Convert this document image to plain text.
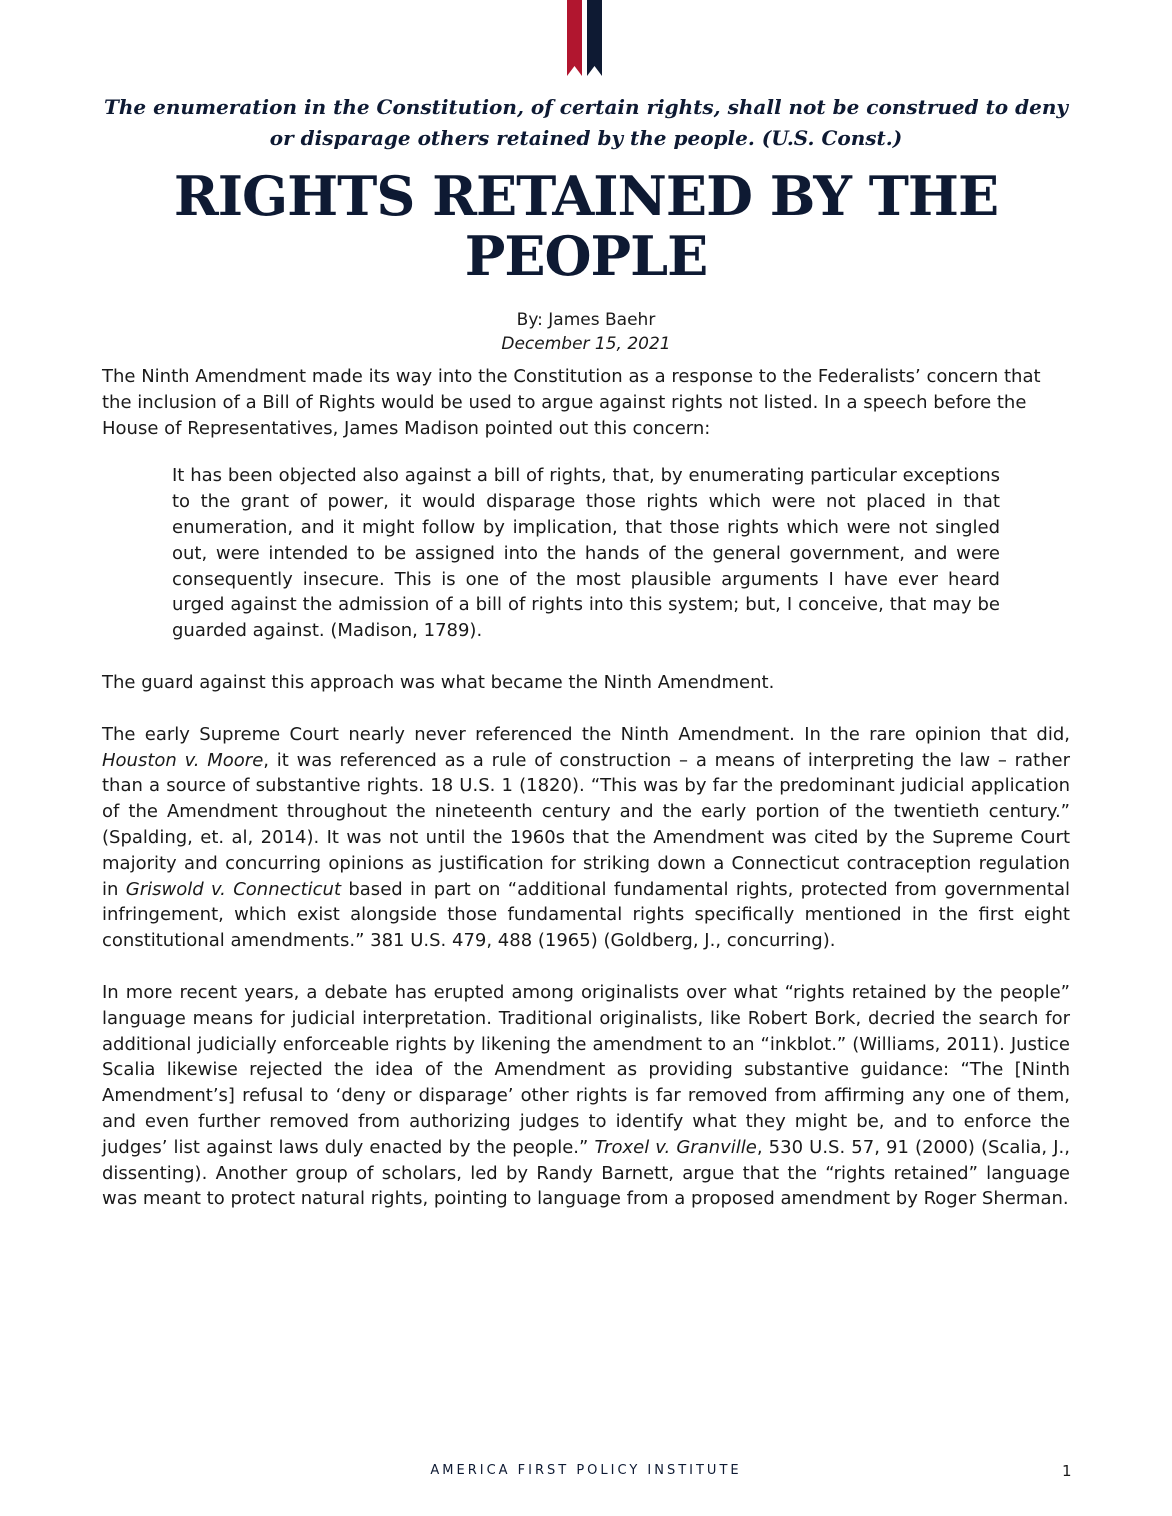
The enumeration in the Constitution, of certain rights, shall not be construed to deny or disparage others retained by the people. (U.S. Const.)
RIGHTS RETAINED BY THE PEOPLE
By: James Baehr
December 15, 2021

The Ninth Amendment made its way into the Constitution as a response to the Federalists’ concern that the inclusion of a Bill of Rights would be used to argue against rights not listed. In a speech before the House of Representatives, James Madison pointed out this concern:

It has been objected also against a bill of rights, that, by enumerating particular exceptions to the grant of power, it would disparage those rights which were not placed in that enumeration, and it might follow by implication, that those rights which were not singled out, were intended to be assigned into the hands of the general government, and were consequently insecure. This is one of the most plausible arguments I have ever heard urged against the admission of a bill of rights into this system; but, I conceive, that may be guarded against. (Madison, 1789).

The guard against this approach was what became the Ninth Amendment.

The early Supreme Court nearly never referenced the Ninth Amendment. In the rare opinion that did, Houston v. Moore, it was referenced as a rule of construction – a means of interpreting the law – rather than a source of substantive rights. 18 U.S. 1 (1820). “This was by far the predominant judicial application of the Amendment throughout the nineteenth century and the early portion of the twentieth century.” (Spalding, et. al, 2014). It was not until the 1960s that the Amendment was cited by the Supreme Court majority and concurring opinions as justification for striking down a Connecticut contraception regulation in Griswold v. Connecticut based in part on “additional fundamental rights, protected from governmental infringement, which exist alongside those fundamental rights specifically mentioned in the first eight constitutional amendments.” 381 U.S. 479, 488 (1965) (Goldberg, J., concurring).

In more recent years, a debate has erupted among originalists over what “rights retained by the people” language means for judicial interpretation. Traditional originalists, like Robert Bork, decried the search for additional judicially enforceable rights by likening the amendment to an “inkblot.” (Williams, 2011). Justice Scalia likewise rejected the idea of the Amendment as providing substantive guidance: “The [Ninth Amendment’s] refusal to ‘deny or disparage’ other rights is far removed from affirming any one of them, and even further removed from authorizing judges to identify what they might be, and to enforce the judges’ list against laws duly enacted by the people.” Troxel v. Granville, 530 U.S. 57, 91 (2000) (Scalia, J., dissenting). Another group of scholars, led by Randy Barnett, argue that the “rights retained” language was meant to protect natural rights, pointing to language from a proposed amendment by Roger Sherman.

AMERICA FIRST POLICY INSTITUTE	1
